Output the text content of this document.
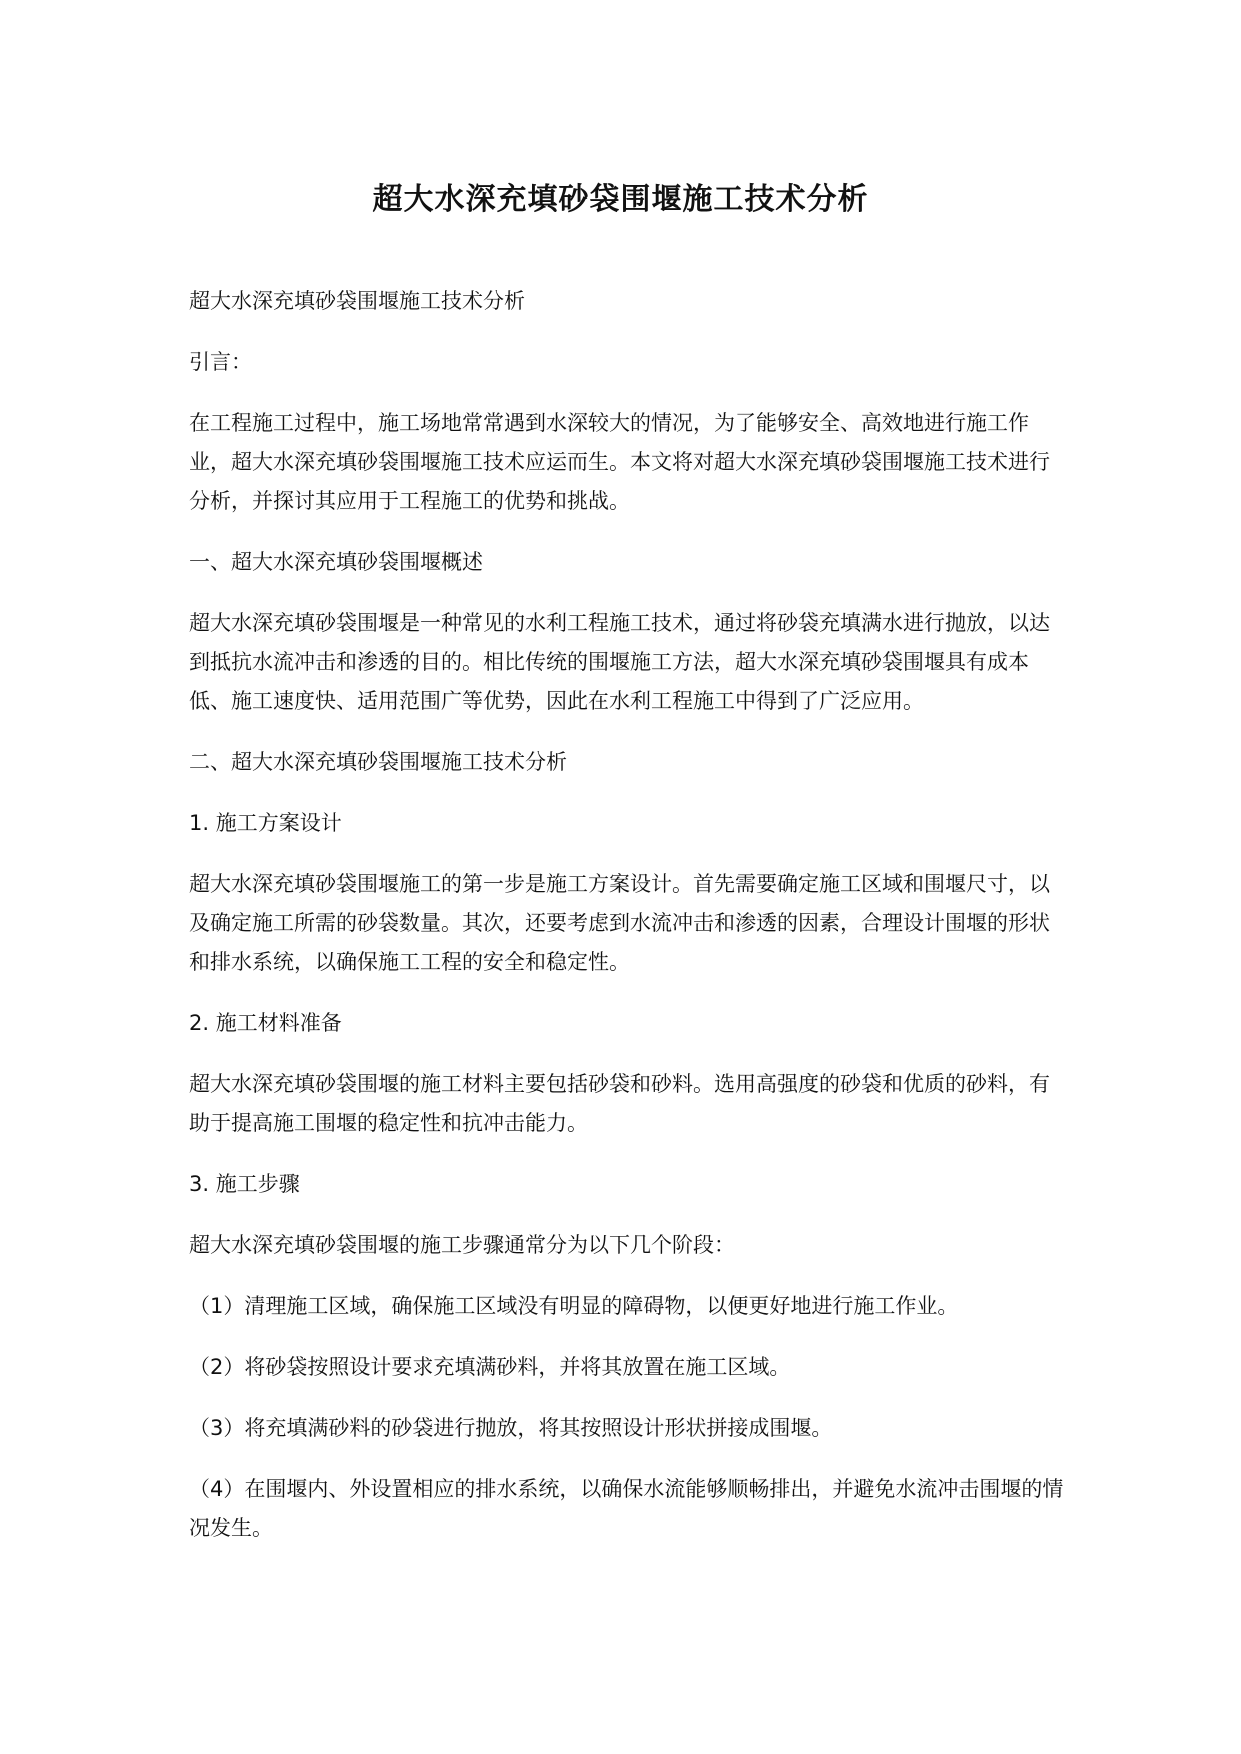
超大水深充填砂袋围堰施工技术分析

超大水深充填砂袋围堰施工技术分析

引言：

在工程施工过程中，施工场地常常遇到水深较大的情况，为了能够安全、高效地进行施工作业，超大水深充填砂袋围堰施工技术应运而生。本文将对超大水深充填砂袋围堰施工技术进行分析，并探讨其应用于工程施工的优势和挑战。

一、超大水深充填砂袋围堰概述

超大水深充填砂袋围堰是一种常见的水利工程施工技术，通过将砂袋充填满水进行抛放，以达到抵抗水流冲击和渗透的目的。相比传统的围堰施工方法，超大水深充填砂袋围堰具有成本低、施工速度快、适用范围广等优势，因此在水利工程施工中得到了广泛应用。

二、超大水深充填砂袋围堰施工技术分析

1. 施工方案设计

超大水深充填砂袋围堰施工的第一步是施工方案设计。首先需要确定施工区域和围堰尺寸，以及确定施工所需的砂袋数量。其次，还要考虑到水流冲击和渗透的因素，合理设计围堰的形状和排水系统，以确保施工工程的安全和稳定性。

2. 施工材料准备

超大水深充填砂袋围堰的施工材料主要包括砂袋和砂料。选用高强度的砂袋和优质的砂料，有助于提高施工围堰的稳定性和抗冲击能力。

3. 施工步骤

超大水深充填砂袋围堰的施工步骤通常分为以下几个阶段：

（1）清理施工区域，确保施工区域没有明显的障碍物，以便更好地进行施工作业。

（2）将砂袋按照设计要求充填满砂料，并将其放置在施工区域。

（3）将充填满砂料的砂袋进行抛放，将其按照设计形状拼接成围堰。

（4）在围堰内、外设置相应的排水系统，以确保水流能够顺畅排出，并避免水流冲击围堰的情况发生。
